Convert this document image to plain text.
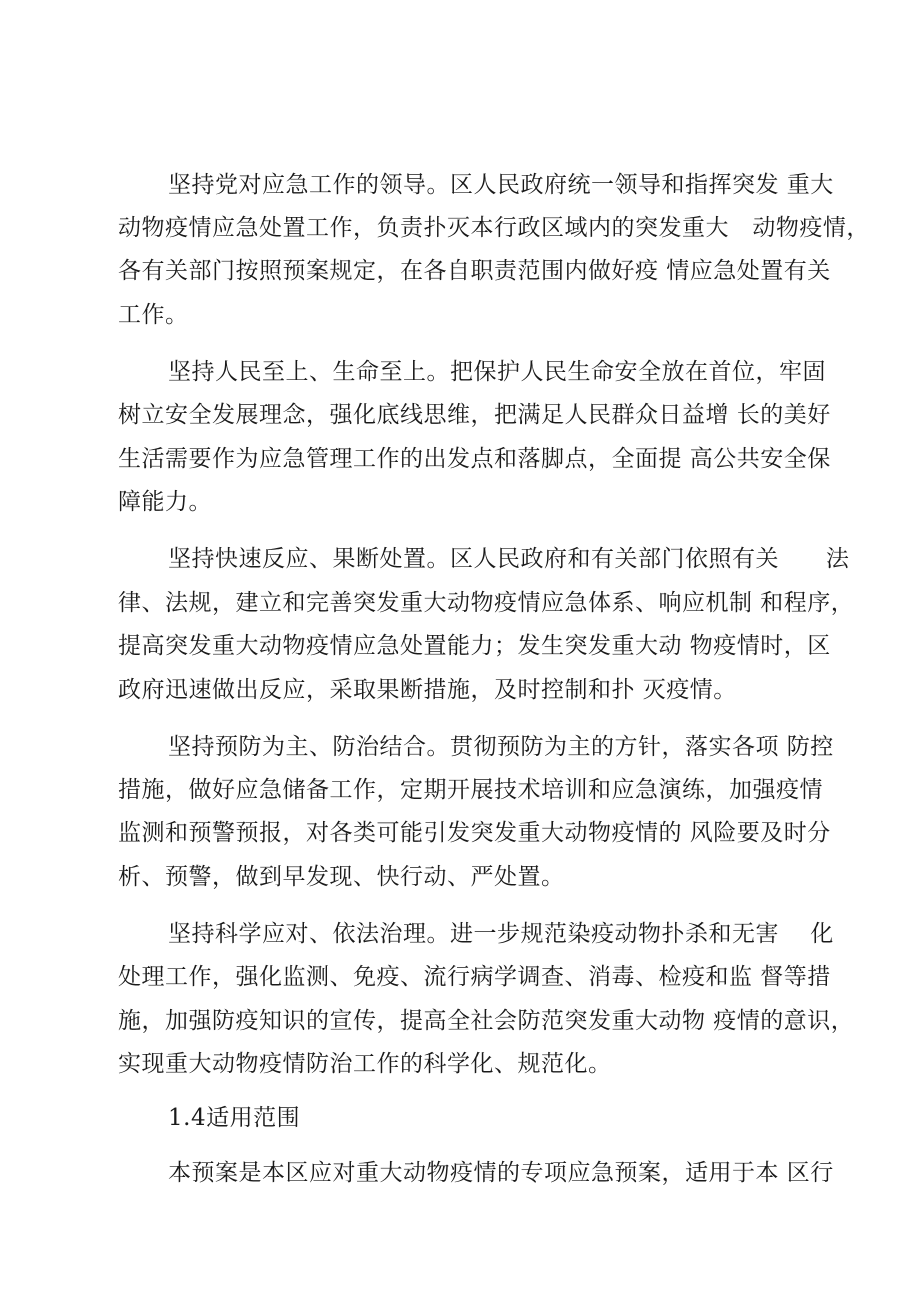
坚持党对应急工作的领导。区人民政府统一领导和指挥突发 重大
动物疫情应急处置工作，负责扑灭本行政区域内的突发重大   动物疫情，
各有关部门按照预案规定，在各自职责范围内做好疫 情应急处置有关
工作。
坚持人民至上、生命至上。把保护人民生命安全放在首位，牢固
树立安全发展理念，强化底线思维，把满足人民群众日益增 长的美好
生活需要作为应急管理工作的出发点和落脚点，全面提 高公共安全保
障能力。
坚持快速反应、果断处置。区人民政府和有关部门依照有关      法
律、法规，建立和完善突发重大动物疫情应急体系、响应机制 和程序，
提高突发重大动物疫情应急处置能力；发生突发重大动 物疫情时，区
政府迅速做出反应，采取果断措施，及时控制和扑 灭疫情。
坚持预防为主、防治结合。贯彻预防为主的方针，落实各项 防控
措施，做好应急储备工作，定期开展技术培训和应急演练，加强疫情
监测和预警预报，对各类可能引发突发重大动物疫情的 风险要及时分
析、预警，做到早发现、快行动、严处置。
坚持科学应对、依法治理。进一步规范染疫动物扑杀和无害    化
处理工作，强化监测、免疫、流行病学调查、消毒、检疫和监 督等措
施，加强防疫知识的宣传，提高全社会防范突发重大动物 疫情的意识，
实现重大动物疫情防治工作的科学化、规范化。
1.4适用范围
本预案是本区应对重大动物疫情的专项应急预案，适用于本 区行
